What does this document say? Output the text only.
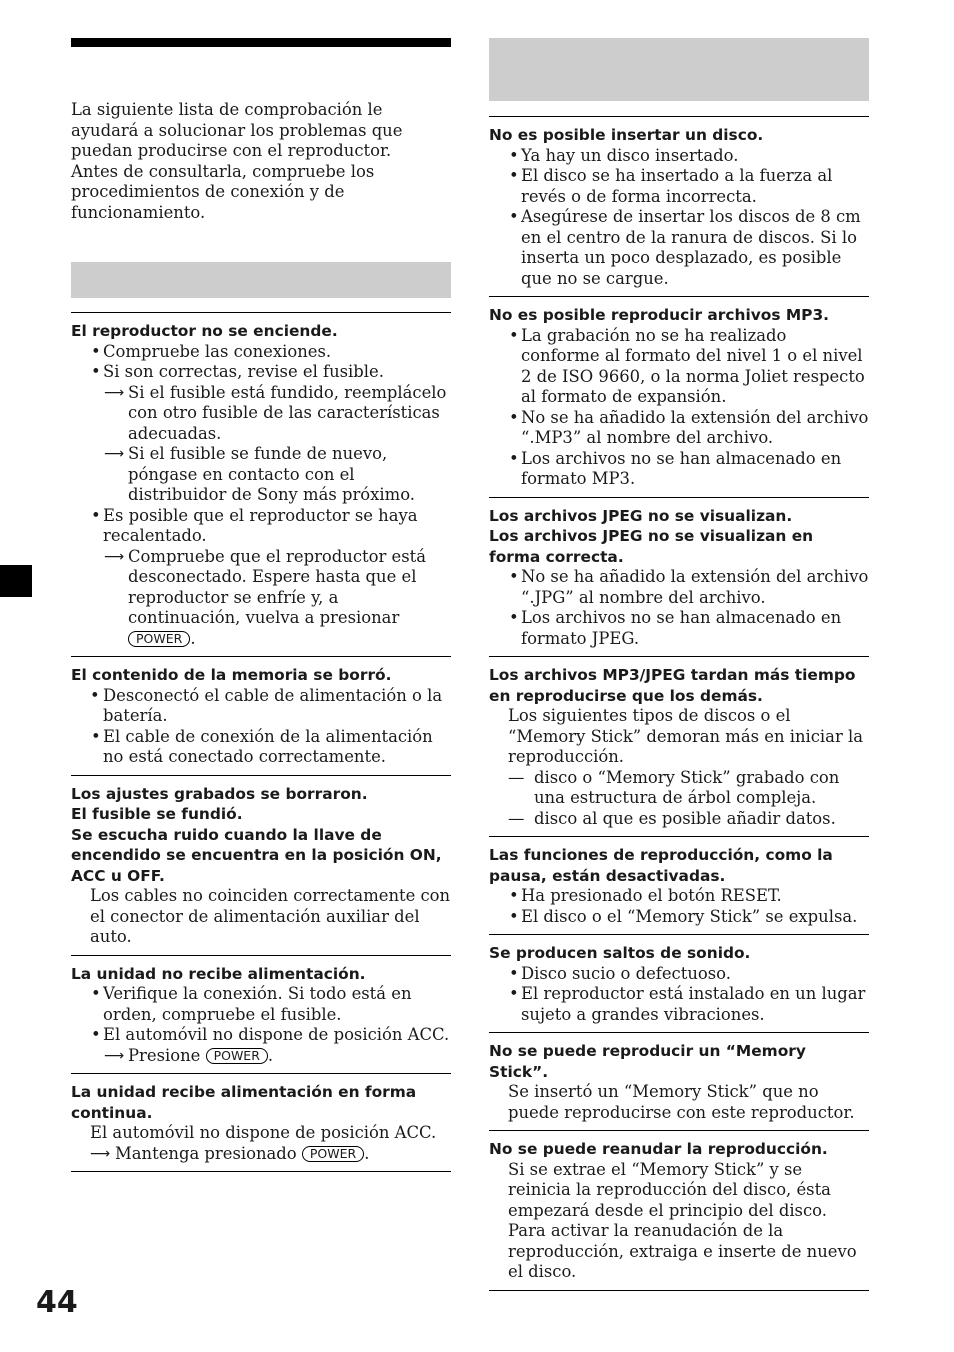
La siguiente lista de comprobación le ayudará a solucionar los problemas que puedan producirse con el reproductor.

Antes de consultarla, compruebe los procedimientos de conexión y de funcionamiento.

El reproductor no se enciende.

• Compruebe las conexiones.

• Si son correctas, revise el fusible.

⟶ Si el fusible está fundido, reemplácelo con otro fusible de las características adecuadas.

⟶ Si el fusible se funde de nuevo, póngase en contacto con el distribuidor de Sony más próximo.

• Es posible que el reproductor se haya recalentado.

⟶ Compruebe que el reproductor está desconectado. Espere hasta que el reproductor se enfríe y, a continuación, vuelva a presionar POWER .

El contenido de la memoria se borró.

• Desconectó el cable de alimentación o la batería.

• El cable de conexión de la alimentación no está conectado correctamente.

Los ajustes grabados se borraron.

El fusible se fundió.

Se escucha ruido cuando la llave de encendido se encuentra en la posición ON, ACC u OFF.

Los cables no coinciden correctamente con el conector de alimentación auxiliar del auto.

La unidad no recibe alimentación.

• Verifique la conexión. Si todo está en orden, compruebe el fusible.

• El automóvil no dispone de posición ACC.

⟶ Presione POWER .

La unidad recibe alimentación en forma continua.

El automóvil no dispone de posición ACC.

⟶ Mantenga presionado POWER .

No es posible insertar un disco.

• Ya hay un disco insertado.

• El disco se ha insertado a la fuerza al revés o de forma incorrecta.

• Asegúrese de insertar los discos de 8 cm en el centro de la ranura de discos. Si lo inserta un poco desplazado, es posible que no se cargue.

No es posible reproducir archivos MP3.

• La grabación no se ha realizado conforme al formato del nivel 1 o el nivel 2 de ISO 9660, o la norma Joliet respecto al formato de expansión.

• No se ha añadido la extensión del archivo “.MP3” al nombre del archivo.

• Los archivos no se han almacenado en formato MP3.

Los archivos JPEG no se visualizan.

Los archivos JPEG no se visualizan en forma correcta.

• No se ha añadido la extensión del archivo “.JPG” al nombre del archivo.

• Los archivos no se han almacenado en formato JPEG.

Los archivos MP3/JPEG tardan más tiempo en reproducirse que los demás.

Los siguientes tipos de discos o el “Memory Stick” demoran más en iniciar la reproducción.

— disco o “Memory Stick” grabado con una estructura de árbol compleja.

— disco al que es posible añadir datos.

Las funciones de reproducción, como la pausa, están desactivadas.

• Ha presionado el botón RESET.

• El disco o el “Memory Stick” se expulsa.

Se producen saltos de sonido.

• Disco sucio o defectuoso.

• El reproductor está instalado en un lugar sujeto a grandes vibraciones.

No se puede reproducir un “Memory Stick”.

Se insertó un “Memory Stick” que no puede reproducirse con este reproductor.

No se puede reanudar la reproducción.

Si se extrae el “Memory Stick” y se reinicia la reproducción del disco, ésta empezará desde el principio del disco. Para activar la reanudación de la reproducción, extraiga e inserte de nuevo el disco.

44
